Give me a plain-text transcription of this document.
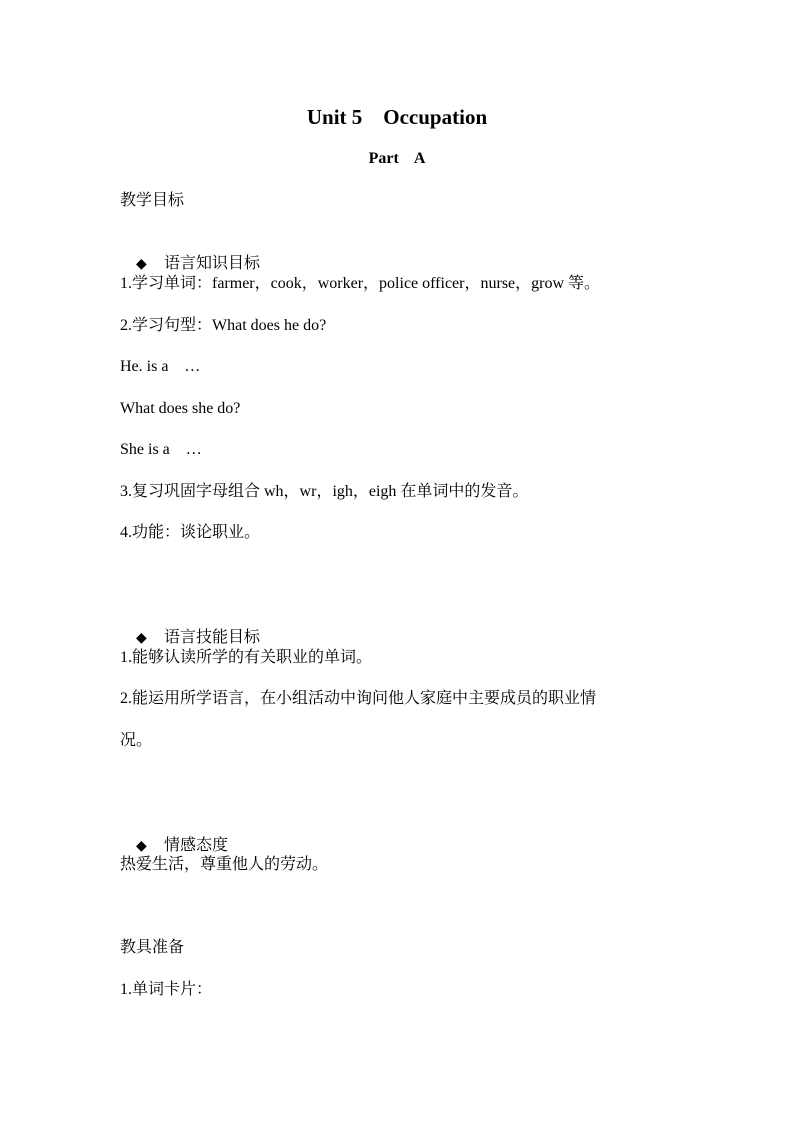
Unit 5    Occupation
Part    A
教学目标

◆ 语言知识目标

1.学习单词：farmer，cook，worker，police officer，nurse，grow 等。
2.学习句型：What does he do?
He. is a    …
What does she do?
She is a    …
3.复习巩固字母组合 wh，wr，igh，eigh 在单词中的发音。
4.功能：谈论职业。

◆ 语言技能目标

1.能够认读所学的有关职业的单词。
2.能运用所学语言，在小组活动中询问他人家庭中主要成员的职业情
况。

◆ 情感态度

热爱生活，尊重他人的劳动。
教具准备
1.单词卡片：
